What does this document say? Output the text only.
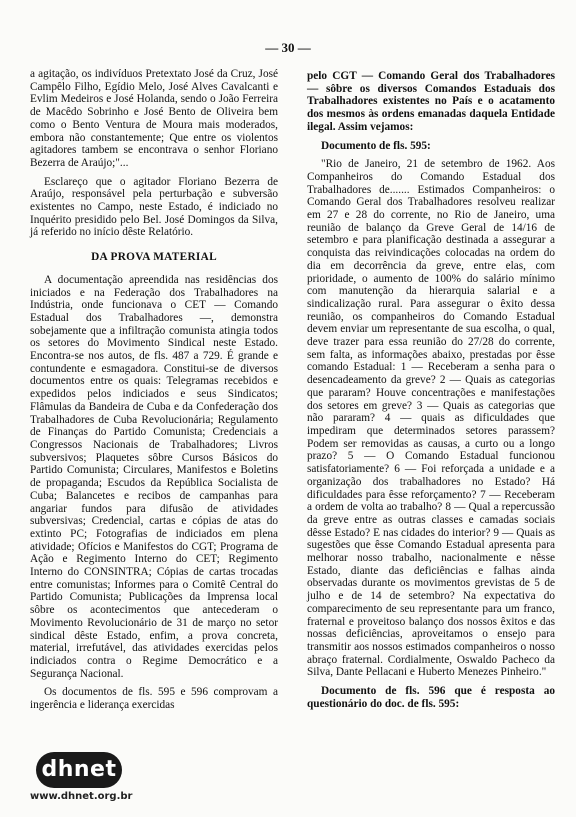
— 30 —

a agitação, os indivíduos Pretextato José da Cruz, José Campêlo Filho, Egídio Melo, José Alves Cavalcanti e Evlim Medeiros e José Holanda, sendo o João Ferreira de Macêdo Sobrinho e José Bento de Oliveira bem como o Bento Ventura de Moura mais moderados, embora não constantemente; Que entre os violentos agitadores tambem se encontrava o senhor Floriano Bezerra de Araújo;"...

Esclareço que o agitador Floriano Bezerra de Araújo, responsável pela perturbação e subversão existentes no Campo, neste Estado, é indiciado no Inquérito presidido pelo Bel. José Domingos da Silva, já referido no início dêste Relatório.

DA PROVA MATERIAL

A documentação apreendida nas residências dos iniciados e na Federação dos Trabalhadores na Indústria, onde funcionava o CET — Comando Estadual dos Trabalhadores —, demonstra sobejamente que a infiltração comunista atingia todos os setores do Movimento Sindical neste Estado. Encontra-se nos autos, de fls. 487 a 729. É grande e contundente e esmagadora. Constitui-se de diversos documentos entre os quais: Telegramas recebidos e expedidos pelos indiciados e seus Sindicatos; Flâmulas da Bandeira de Cuba e da Confederação dos Trabalhadores de Cuba Revolucionária; Regulamento de Finanças do Partido Comunista; Credenciais a Congressos Nacionais de Trabalhadores; Livros subversivos; Plaquetes sôbre Cursos Básicos do Partido Comunista; Circulares, Manifestos e Boletins de propaganda; Escudos da República Socialista de Cuba; Balancetes e recibos de campanhas para angariar fundos para difusão de atividades subversivas; Credencial, cartas e cópias de atas do extinto PC; Fotografias de indiciados em plena atividade; Ofícios e Manifestos do CGT; Programa de Ação e Regimento Interno do CET; Regimento Interno do CONSINTRA; Cópias de cartas trocadas entre comunistas; Informes para o Comitê Central do Partido Comunista; Publicações da Imprensa local sôbre os acontecimentos que antecederam o Movimento Revolucionário de 31 de março no setor sindical dêste Estado, enfim, a prova concreta, material, irrefutável, das atividades exercidas pelos indiciados contra o Regime Democrático e a Segurança Nacional.

Os documentos de fls. 595 e 596 comprovam a ingerência e liderança exercidas

pelo CGT — Comando Geral dos Trabalhadores — sôbre os diversos Comandos Estaduais dos Trabalhadores existentes no País e o acatamento dos mesmos às ordens emanadas daquela Entidade ilegal. Assim vejamos:

Documento de fls. 595:

"Rio de Janeiro, 21 de setembro de 1962. Aos Companheiros do Comando Estadual dos Trabalhadores de....... Estimados Companheiros: o Comando Geral dos Trabalhadores resolveu realizar em 27 e 28 do corrente, no Rio de Janeiro, uma reunião de balanço da Greve Geral de 14/16 de setembro e para planificação destinada a assegurar a conquista das reivindicações colocadas na ordem do dia em decorrência da greve, entre elas, com prioridade, o aumento de 100% do salário mínimo com manutenção da hierarquia salarial e a sindicalização rural. Para assegurar o êxito dessa reunião, os companheiros do Comando Estadual devem enviar um representante de sua escolha, o qual, deve trazer para essa reunião do 27/28 do corrente, sem falta, as informações abaixo, prestadas por êsse comando Estadual: 1 — Receberam a senha para o desencadeamento da greve? 2 — Quais as categorias que pararam? Houve concentrações e manifestações dos setores em greve? 3 — Quais as categorias que não pararam? 4 — quais as dificuldades que impediram que determinados setores parassem? Podem ser removidas as causas, a curto ou a longo prazo? 5 — O Comando Estadual funcionou satisfatoriamente? 6 — Foi reforçada a unidade e a organização dos trabalhadores no Estado? Há dificuldades para êsse reforçamento? 7 — Receberam a ordem de volta ao trabalho? 8 — Qual a repercussão da greve entre as outras classes e camadas sociais dêsse Estado? E nas cidades do interior? 9 — Quais as sugestões que êsse Comando Estadual apresenta para melhorar nosso trabalho, nacionalmente e nêsse Estado, diante das deficiências e falhas ainda observadas durante os movimentos grevistas de 5 de julho e de 14 de setembro? Na expectativa do comparecimento de seu representante para um franco, fraternal e proveitoso balanço dos nossos êxitos e das nossas deficiências, aproveitamos o ensejo para transmitir aos nossos estimados companheiros o nosso abraço fraternal. Cordialmente, Oswaldo Pacheco da Silva, Dante Pellacani e Huberto Menezes Pinheiro."

Documento de fls. 596 que é resposta ao questionário do doc. de fls. 595:

dhnet
www.dhnet.org.br
